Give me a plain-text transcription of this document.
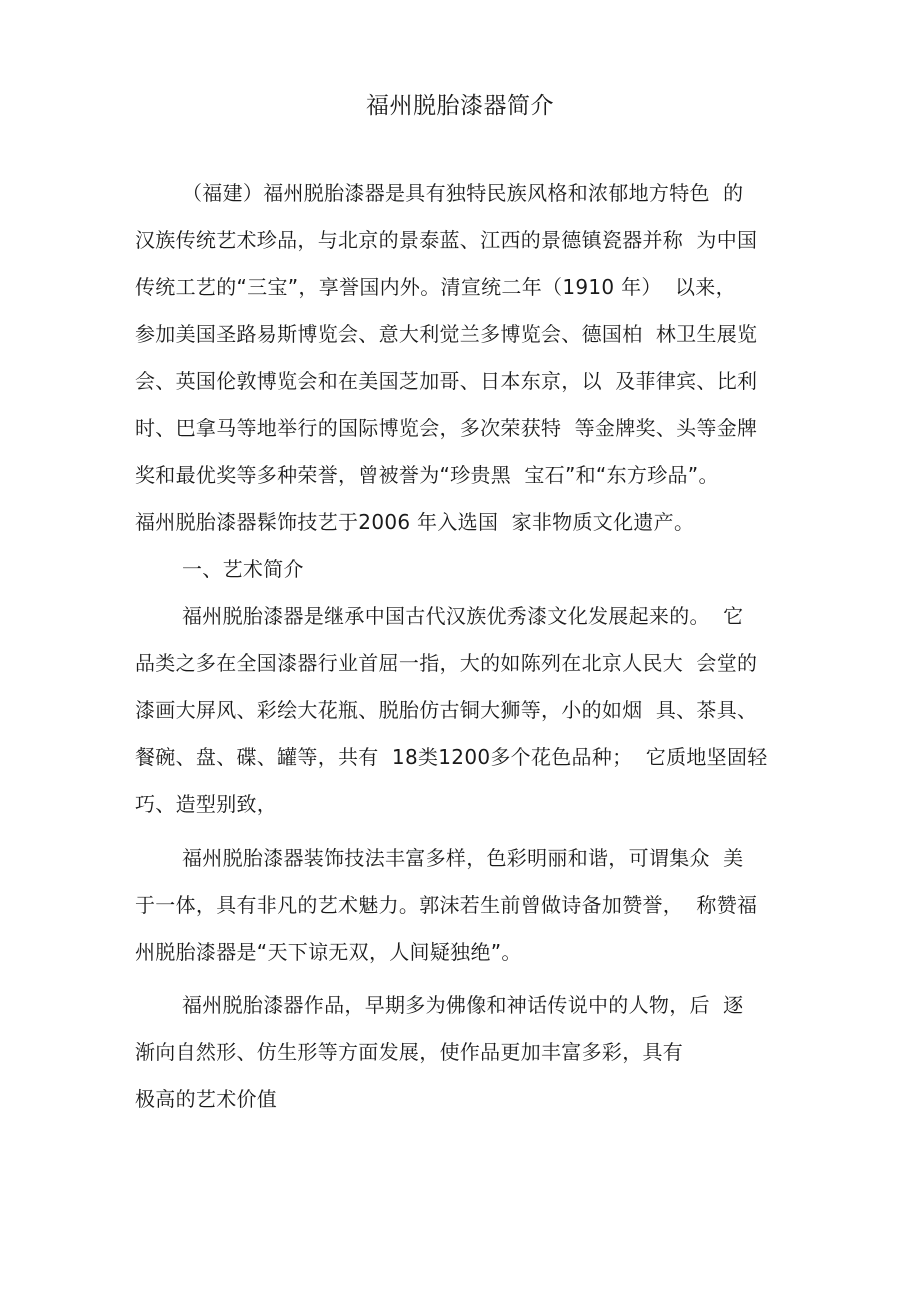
福州脱胎漆器简介
（福建）福州脱胎漆器是具有独特民族风格和浓郁地方特色  的
汉族传统艺术珍品，与北京的景泰蓝、江西的景德镇瓷器并称  为中国
传统工艺的“三宝”，享誉国内外。清宣统二年（1910 年）  以来，
参加美国圣路易斯博览会、意大利觉兰多博览会、德国柏  林卫生展览
会、英国伦敦博览会和在美国芝加哥、日本东京，以  及菲律宾、比利
时、巴拿马等地举行的国际博览会，多次荣获特  等金牌奖、头等金牌
奖和最优奖等多种荣誉，曾被誉为“珍贵黑  宝石”和“东方珍品”。
福州脱胎漆器髹饰技艺于2006 年入选国  家非物质文化遗产。
一、艺术简介
福州脱胎漆器是继承中国古代汉族优秀漆文化发展起来的。  它
品类之多在全国漆器行业首屈一指，大的如陈列在北京人民大  会堂的
漆画大屏风、彩绘大花瓶、脱胎仿古铜大狮等，小的如烟  具、茶具、
餐碗、盘、碟、罐等，共有  18类1200多个花色品种；  它质地坚固轻
巧、造型别致，
福州脱胎漆器装饰技法丰富多样，色彩明丽和谐，可谓集众  美
于一体，具有非凡的艺术魅力。郭沫若生前曾做诗备加赞誉，  称赞福
州脱胎漆器是“天下谅无双，人间疑独绝”。
福州脱胎漆器作品，早期多为佛像和神话传说中的人物，后  逐
渐向自然形、仿生形等方面发展，使作品更加丰富多彩，具有
极高的艺术价值
